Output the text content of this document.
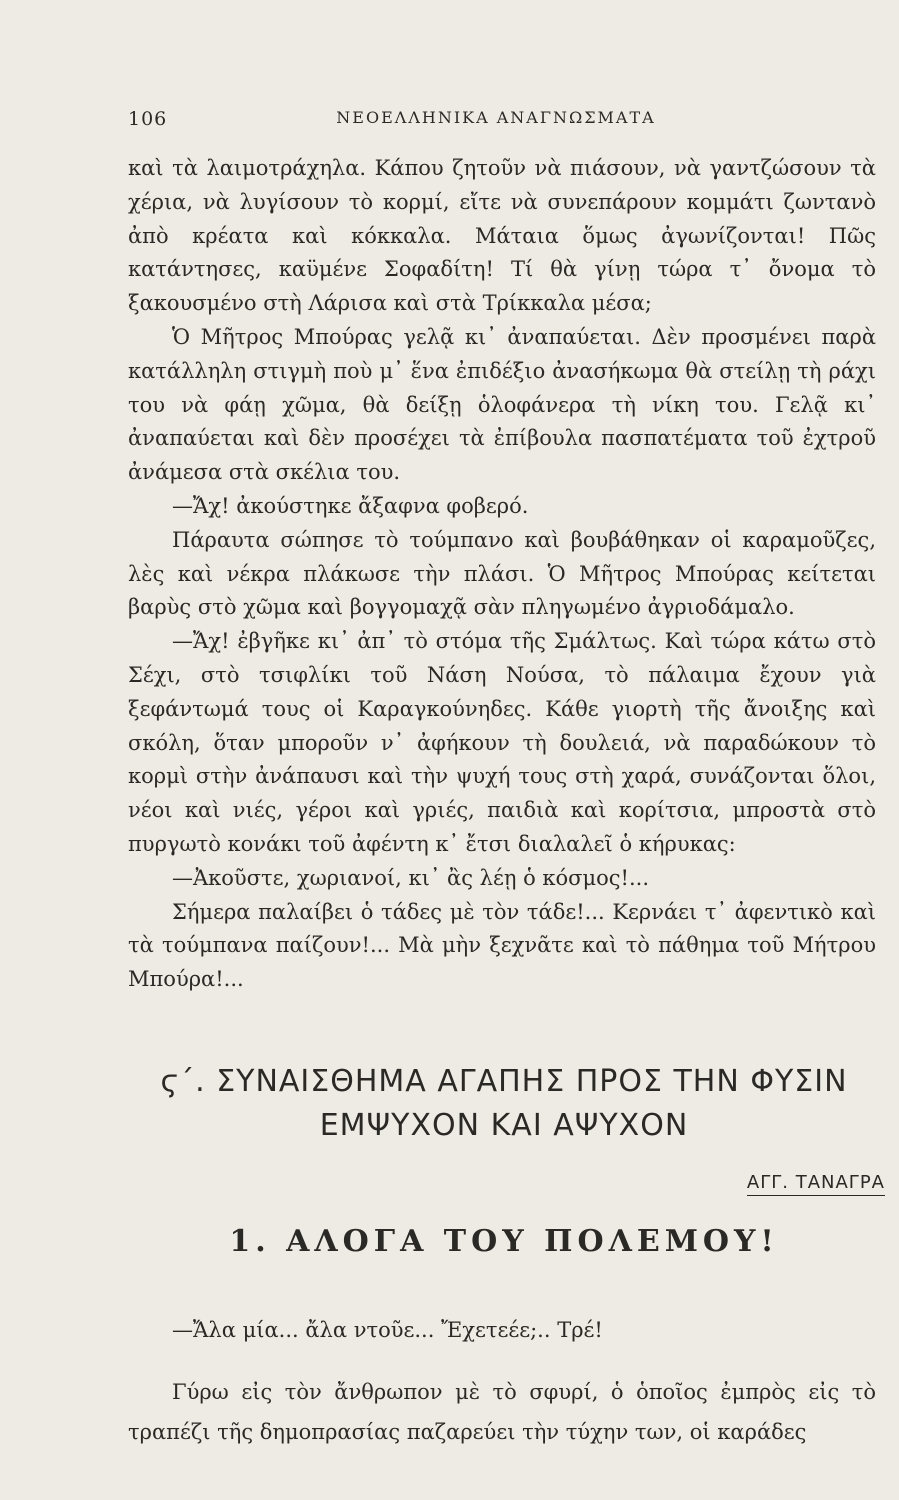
106	ΝΕΟΕΛΛΗΝΙΚΑ ΑΝΑΓΝΩΣΜΑΤΑ

καὶ τὰ λαιμοτράχηλα. Κάπου ζητοῦν νὰ πιάσουν, νὰ γαντζώσουν τὰ χέρια, νὰ λυγίσουν τὸ κορμί, εἴτε νὰ συνεπάρουν κομμάτι ζωντανὸ ἀπὸ κρέατα καὶ κόκκαλα. Μάταια ὅμως ἀγωνίζονται! Πῶς κατάντησες, καϋμένε Σοφαδίτη! Τί θὰ γίνῃ τώρα τ᾿ ὄνομα τὸ ξακουσμένο στὴ Λάρισα καὶ στὰ Τρίκκαλα μέσα;

Ὁ Μῆτρος Μπούρας γελᾷ κι᾿ ἀναπαύεται. Δὲν προσμένει παρὰ κατάλληλη στιγμὴ ποὺ μ᾿ ἕνα ἐπιδέξιο ἀνασήκωμα θὰ στείλῃ τὴ ράχι του νὰ φάῃ χῶμα, θὰ δείξῃ ὁλοφάνερα τὴ νίκη του. Γελᾷ κι᾿ ἀναπαύεται καὶ δὲν προσέχει τὰ ἐπίβουλα πασπατέματα τοῦ ἐχτροῦ ἀνάμεσα στὰ σκέλια του.

—Ἄχ! ἀκούστηκε ἄξαφνα φοβερό.

Πάραυτα σώπησε τὸ τούμπανο καὶ βουβάθηκαν οἱ καραμοῦζες, λὲς καὶ νέκρα πλάκωσε τὴν πλάσι. Ὁ Μῆτρος Μπούρας κείτεται βαρὺς στὸ χῶμα καὶ βογγομαχᾷ σὰν πληγωμένο ἀγριοδάμαλο.

—Ἄχ! ἐβγῆκε κι᾿ ἀπ᾿ τὸ στόμα τῆς Σμάλτως. Καὶ τώρα κάτω στὸ Σέχι, στὸ τσιφλίκι τοῦ Νάση Νούσα, τὸ πάλαιμα ἔχουν γιὰ ξεφάντωμά τους οἱ Καραγκούνηδες. Κάθε γιορτὴ τῆς ἄνοιξης καὶ σκόλη, ὅταν μποροῦν ν᾿ ἀφήκουν τὴ δουλειά, νὰ παραδώκουν τὸ κορμὶ στὴν ἀνάπαυσι καὶ τὴν ψυχή τους στὴ χαρά, συνάζονται ὅλοι, νέοι καὶ νιές, γέροι καὶ γριές, παιδιὰ καὶ κορίτσια, μπροστὰ στὸ πυργωτὸ κονάκι τοῦ ἀφέντη κ᾿ ἔτσι διαλαλεῖ ὁ κήρυκας:

—Ἀκοῦστε, χωριανοί, κι᾿ ἂς λέῃ ὁ κόσμος!...

Σήμερα παλαίβει ὁ τάδες μὲ τὸν τάδε!... Κερνάει τ᾿ ἀφεντικὸ καὶ τὰ τούμπανα παίζουν!... Μὰ μὴν ξεχνᾶτε καὶ τὸ πάθημα τοῦ Μήτρου Μπούρα!...

ϛ΄. ΣΥΝΑΙΣΘΗΜΑ ΑΓΑΠΗΣ ΠΡΟΣ ΤΗΝ ΦΥΣΙΝ
ΕΜΨΥΧΟΝ ΚΑΙ ΑΨΥΧΟΝ
ΑΓΓ. ΤΑΝΑΓΡΑ
1. ΑΛΟΓΑ ΤΟΥ ΠΟΛΕΜΟΥ!

—Ἄλα μία... ἄλα ντοῦε... Ἔχετεέε;.. Τρέ!

Γύρω εἰς τὸν ἄνθρωπον μὲ τὸ σφυρί, ὁ ὁποῖος ἐμπρὸς εἰς τὸ τραπέζι τῆς δημοπρασίας παζαρεύει τὴν τύχην των, οἱ καράδες
